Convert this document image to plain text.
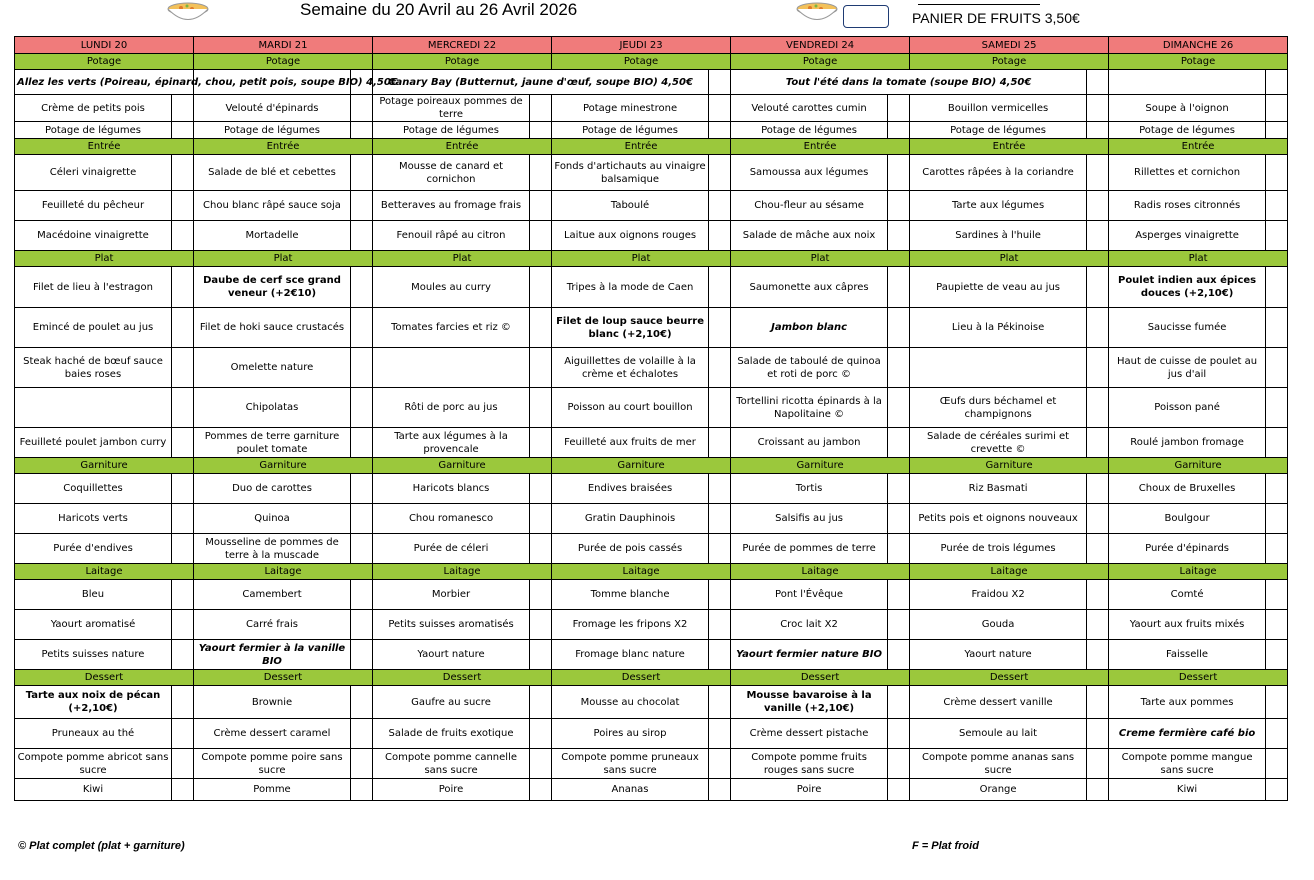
Semaine du 20 Avril au 26 Avril 2026	PANIER DE FRUITS 3,50€
LUNDI 20		MARDI 21		MERCREDI 22		JEUDI 23		VENDREDI 24		SAMEDI 25		DIMANCHE 26	
Potage		Potage		Potage		Potage		Potage		Potage		Potage	
Allez les verts (Poireau, épinard, chou, petit pois, soupe BIO) 4,50€				Canary Bay (Butternut, jaune d'œuf, soupe BIO) 4,50€				Tout l'été dans la tomate (soupe BIO) 4,50€					
Crème de petits pois		Velouté d'épinards		Potage poireaux pommes de terre		Potage minestrone		Velouté carottes cumin		Bouillon vermicelles		Soupe à l'oignon	
Potage de légumes		Potage de légumes		Potage de légumes		Potage de légumes		Potage de légumes		Potage de légumes		Potage de légumes	
Entrée		Entrée		Entrée		Entrée		Entrée		Entrée		Entrée	
Céleri vinaigrette		Salade de blé et cebettes		Mousse de canard et cornichon		Fonds d'artichauts au vinaigre balsamique		Samoussa aux légumes		Carottes râpées à la coriandre		Rillettes et cornichon	
Feuilleté du pêcheur		Chou blanc râpé sauce soja		Betteraves au fromage frais		Taboulé		Chou-fleur au sésame		Tarte aux légumes		Radis roses citronnés	
Macédoine vinaigrette		Mortadelle		Fenouil râpé au citron		Laitue aux oignons rouges		Salade de mâche aux noix		Sardines à l'huile		Asperges vinaigrette	
Plat		Plat		Plat		Plat		Plat		Plat		Plat	
Filet de lieu à l'estragon		Daube de cerf sce grand veneur (+2€10)		Moules au curry		Tripes à la mode de Caen		Saumonette aux câpres		Paupiette de veau au jus		Poulet indien aux épices douces (+2,10€)	
Emincé de poulet au jus		Filet de hoki sauce crustacés		Tomates farcies et riz ©		Filet de loup sauce beurre blanc (+2,10€)		Jambon blanc		Lieu à la Pékinoise		Saucisse fumée	
Steak haché de bœuf sauce baies roses		Omelette nature				Aiguillettes de volaille à la crème et échalotes		Salade de taboulé de quinoa et roti de porc ©				Haut de cuisse de poulet au jus d'ail	
		Chipolatas		Rôti de porc au jus		Poisson au court bouillon		Tortellini ricotta épinards à la Napolitaine ©		Œufs durs béchamel et champignons		Poisson pané	
Feuilleté poulet jambon curry		Pommes de terre garniture poulet tomate		Tarte aux légumes à la provencale		Feuilleté aux fruits de mer		Croissant au jambon		Salade de céréales surimi et crevette ©		Roulé jambon fromage	
Garniture		Garniture		Garniture		Garniture		Garniture		Garniture		Garniture	
Coquillettes		Duo de carottes		Haricots blancs		Endives braisées		Tortis		Riz Basmati		Choux de Bruxelles	
Haricots verts		Quinoa		Chou romanesco		Gratin Dauphinois		Salsifis au jus		Petits pois et oignons nouveaux		Boulgour	
Purée d'endives		Mousseline de pommes de terre à la muscade		Purée de céleri		Purée de pois cassés		Purée de pommes de terre		Purée de trois légumes		Purée d'épinards	
Laitage		Laitage		Laitage		Laitage		Laitage		Laitage		Laitage	
Bleu		Camembert		Morbier		Tomme blanche		Pont l'Évêque		Fraidou X2		Comté	
Yaourt aromatisé		Carré frais		Petits suisses aromatisés		Fromage les fripons X2		Croc lait X2		Gouda		Yaourt aux fruits mixés	
Petits suisses nature		Yaourt fermier à la vanille BIO		Yaourt nature		Fromage blanc nature		Yaourt fermier nature BIO		Yaourt nature		Faisselle	
Dessert		Dessert		Dessert		Dessert		Dessert		Dessert		Dessert	
Tarte aux noix de pécan (+2,10€)		Brownie		Gaufre au sucre		Mousse au chocolat		Mousse bavaroise à la vanille (+2,10€)		Crème dessert vanille		Tarte aux pommes	
Pruneaux au thé		Crème dessert caramel		Salade de fruits exotique		Poires au sirop		Crème dessert pistache		Semoule au lait		Creme fermière café bio	
Compote pomme abricot sans sucre		Compote pomme poire sans sucre		Compote pomme cannelle sans sucre		Compote pomme pruneaux sans sucre		Compote pomme fruits rouges sans sucre		Compote pomme ananas sans sucre		Compote pomme mangue sans sucre	
Kiwi		Pomme		Poire		Ananas		Poire		Orange		Kiwi	
© Plat complet (plat + garniture)	F = Plat froid
